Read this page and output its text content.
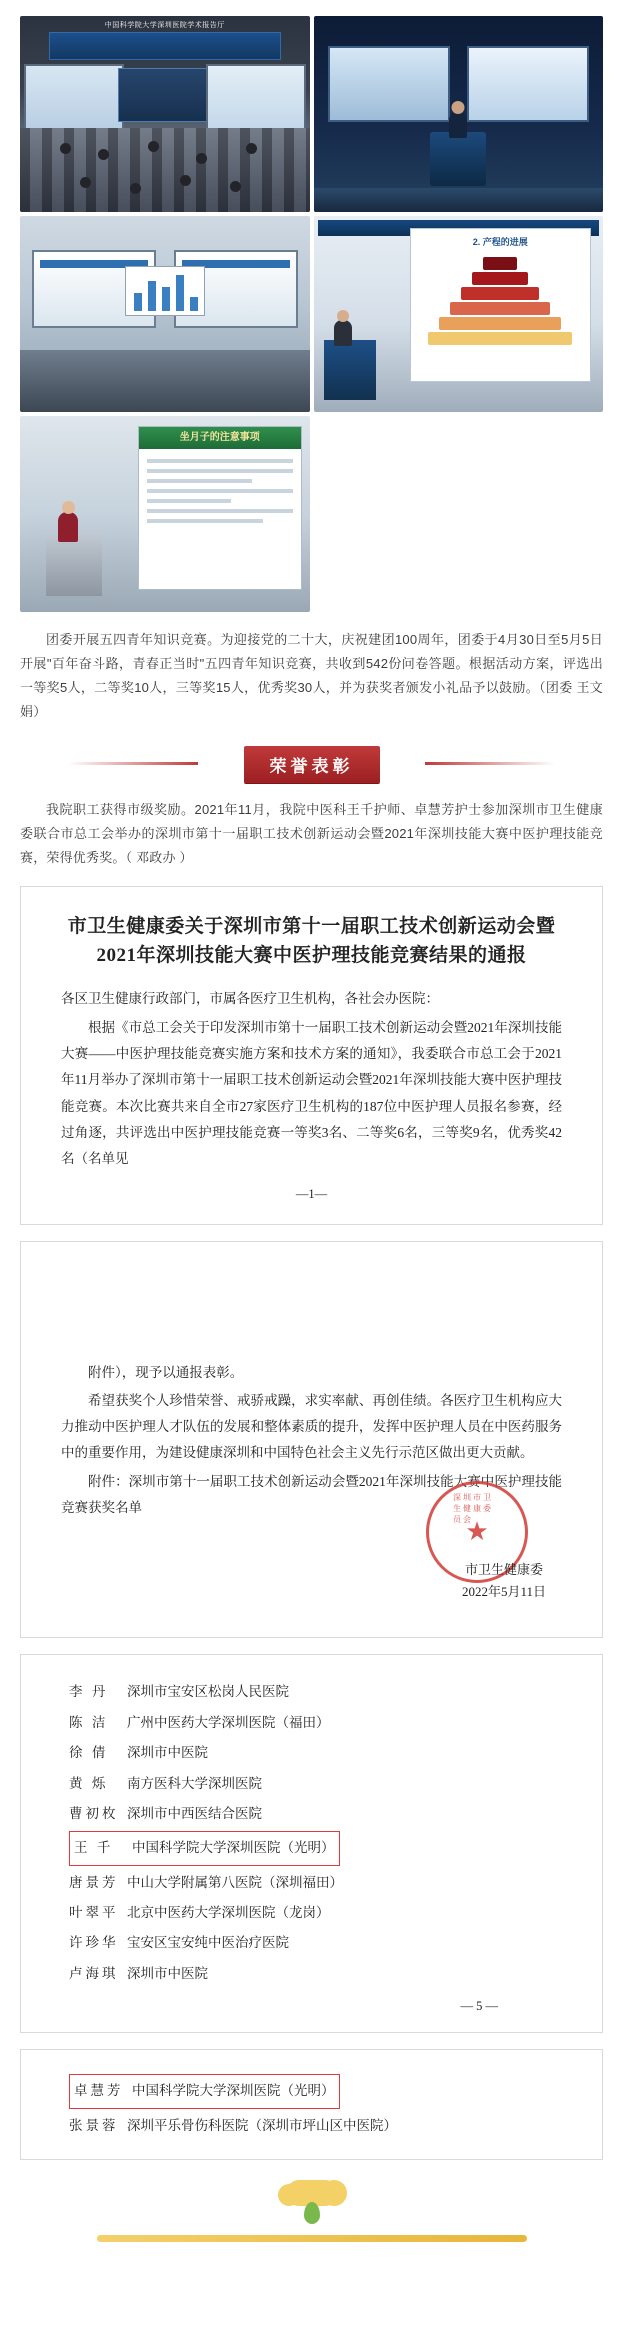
中国科学院大学深圳医院学术报告厅
2. 产程的进展
坐月子的注意事项

团委开展五四青年知识竞赛。为迎接党的二十大，庆祝建团100周年，团委于4月30日至5月5日开展"百年奋斗路，青春正当时"五四青年知识竞赛，共收到542份问卷答题。根据活动方案，评选出一等奖5人，二等奖10人，三等奖15人，优秀奖30人，并为获奖者颁发小礼品予以鼓励。（团委 王文娟）

荣誉表彰

我院职工获得市级奖励。2021年11月，我院中医科王千护师、卓慧芳护士参加深圳市卫生健康委联合市总工会举办的深圳市第十一届职工技术创新运动会暨2021年深圳技能大赛中医护理技能竞赛，荣得优秀奖。（ 邓政办 ）

市卫生健康委关于深圳市第十一届职工技术创新运动会暨2021年深圳技能大赛中医护理技能竞赛结果的通报

各区卫生健康行政部门，市属各医疗卫生机构，各社会办医院：

根据《市总工会关于印发深圳市第十一届职工技术创新运动会暨2021年深圳技能大赛——中医护理技能竞赛实施方案和技术方案的通知》，我委联合市总工会于2021年11月举办了深圳市第十一届职工技术创新运动会暨2021年深圳技能大赛中医护理技能竞赛。本次比赛共来自全市27家医疗卫生机构的187位中医护理人员报名参赛，经过角逐，共评选出中医护理技能竞赛一等奖3名、二等奖6名，三等奖9名，优秀奖42名（名单见

—1—

附件），现予以通报表彰。

希望获奖个人珍惜荣誉、戒骄戒躁，求实率献、再创佳绩。各医疗卫生机构应大力推动中医护理人才队伍的发展和整体素质的提升，发挥中医护理人员在中医药服务中的重要作用，为建设健康深圳和中国特色社会主义先行示范区做出更大贡献。

附件：深圳市第十一届职工技术创新运动会暨2021年深圳技能大赛中医护理技能竞赛获奖名单

深圳市卫生健康委员会
★
市卫生健康委
2022年5月11日
李 丹	深圳市宝安区松岗人民医院
陈 洁	广州中医药大学深圳医院（福田）
徐 倩	深圳市中医院
黄 烁	南方医科大学深圳医院
曹初枚 深圳市中西医结合医院
王 千	中国科学院大学深圳医院（光明）
唐景芳 中山大学附属第八医院（深圳福田）
叶翠平 北京中医药大学深圳医院（龙岗）
许珍华 宝安区宝安纯中医治疗医院
卢海琪 深圳市中医院
— 5 —
卓慧芳 中国科学院大学深圳医院（光明）
张景蓉 深圳平乐骨伤科医院（深圳市坪山区中医院）
